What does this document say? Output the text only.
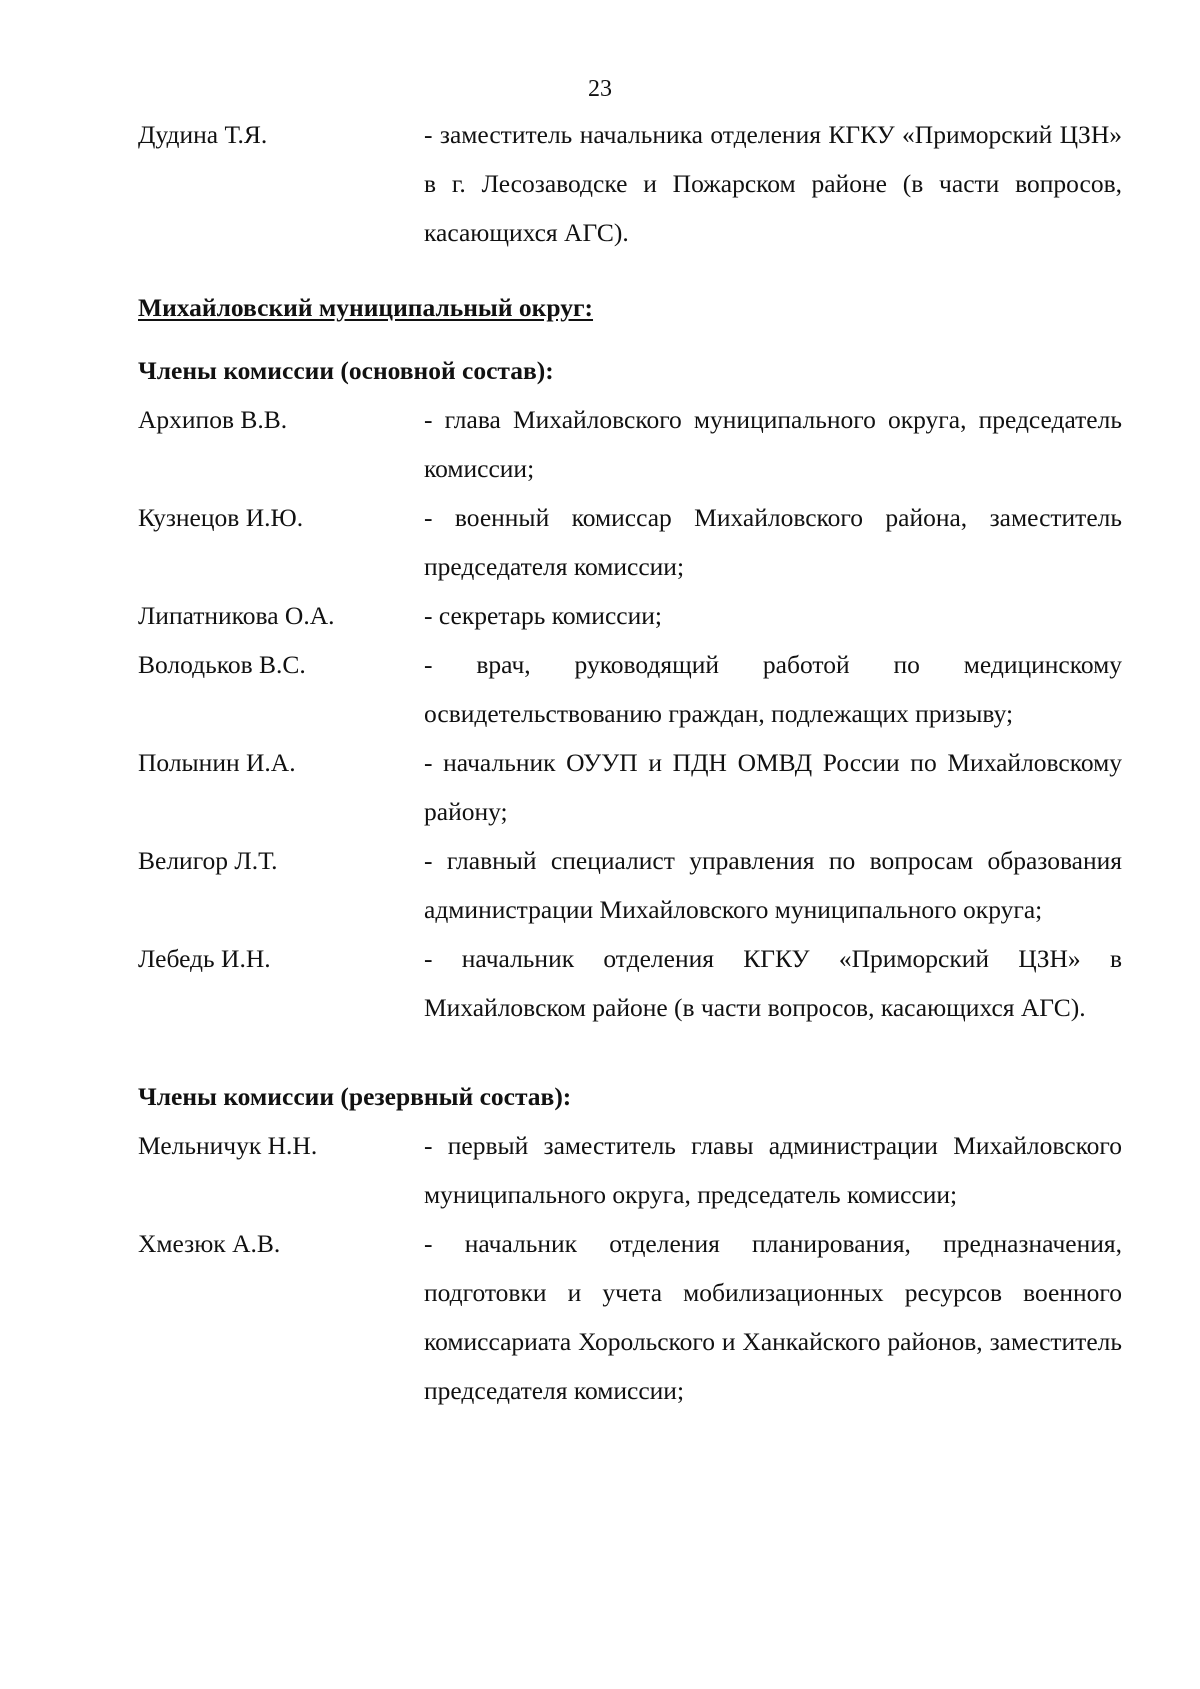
23
Дудина Т.Я.	- заместитель начальника отделения КГКУ «Приморский ЦЗН» в г. Лесозаводске и Пожарском районе (в части вопросов, касающихся АГС).
Михайловский муниципальный округ:
Члены комиссии (основной состав):
Архипов В.В.	- глава Михайловского муниципального округа, председатель комиссии;
Кузнецов И.Ю.	- военный комиссар Михайловского района, заместитель председателя комиссии;
Липатникова О.А.	- секретарь комиссии;
Володьков В.С.	- врач, руководящий работой по медицинскому освидетельствованию граждан, подлежащих призыву;
Полынин И.А.	- начальник ОУУП и ПДН ОМВД России по Михайловскому району;
Велигор Л.Т.	- главный специалист управления по вопросам образования администрации Михайловского муниципального округа;
Лебедь И.Н.	- начальник отделения КГКУ «Приморский ЦЗН» в Михайловском районе (в части вопросов, касающихся АГС).
Члены комиссии (резервный состав):
Мельничук Н.Н.	- первый заместитель главы администрации Михайловского муниципального округа, председатель комиссии;
Хмезюк А.В.	- начальник отделения планирования, предназначения, подготовки и учета мобилизационных ресурсов военного комиссариата Хорольского и Ханкайского районов, заместитель председателя комиссии;
